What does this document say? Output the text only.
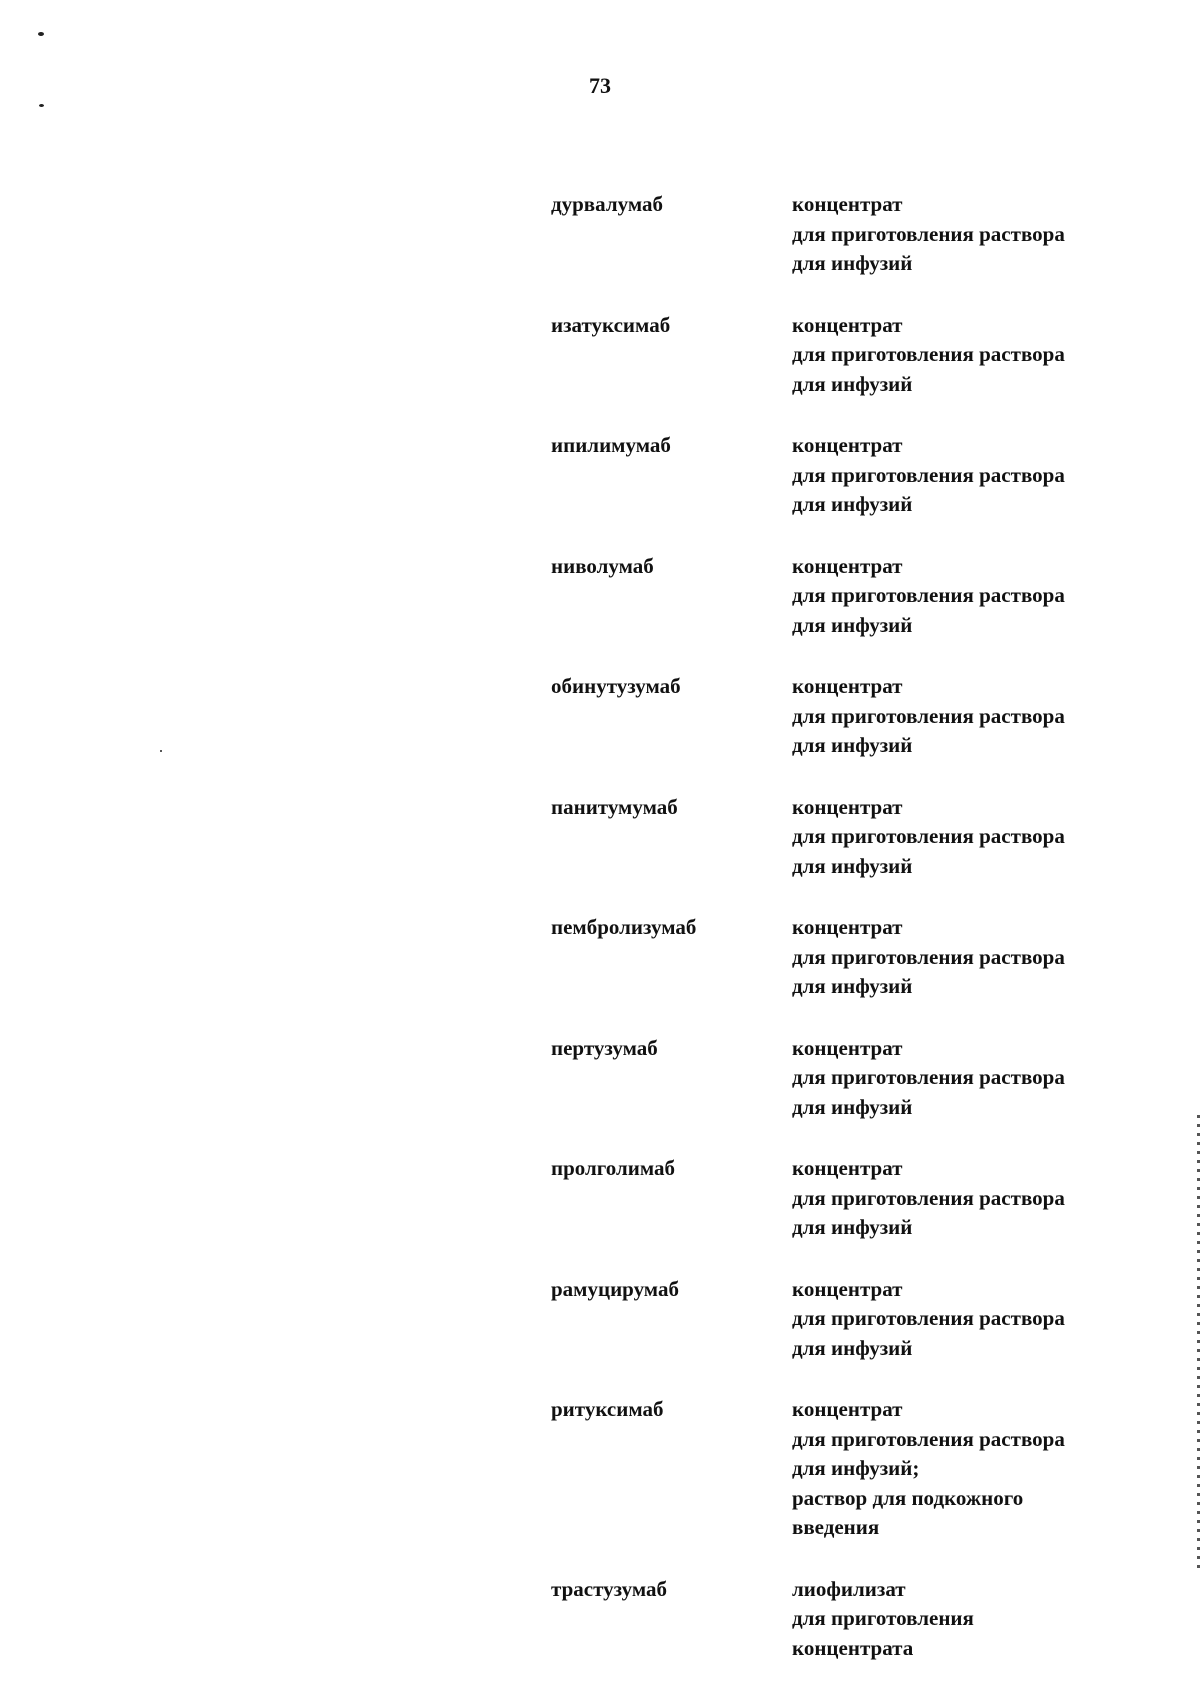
73
дурвалумаб	концентрат
для приготовления раствора
для инфузий
изатуксимаб	концентрат
для приготовления раствора
для инфузий
ипилимумаб	концентрат
для приготовления раствора
для инфузий
ниволумаб	концентрат
для приготовления раствора
для инфузий
обинутузумаб	концентрат
для приготовления раствора
для инфузий
панитумумаб	концентрат
для приготовления раствора
для инфузий
пембролизумаб	концентрат
для приготовления раствора
для инфузий
пертузумаб	концентрат
для приготовления раствора
для инфузий
пролголимаб	концентрат
для приготовления раствора
для инфузий
рамуцирумаб	концентрат
для приготовления раствора
для инфузий
ритуксимаб	концентрат
для приготовления раствора
для инфузий;
раствор для подкожного
введения
трастузумаб	лиофилизат
для приготовления
концентрата
